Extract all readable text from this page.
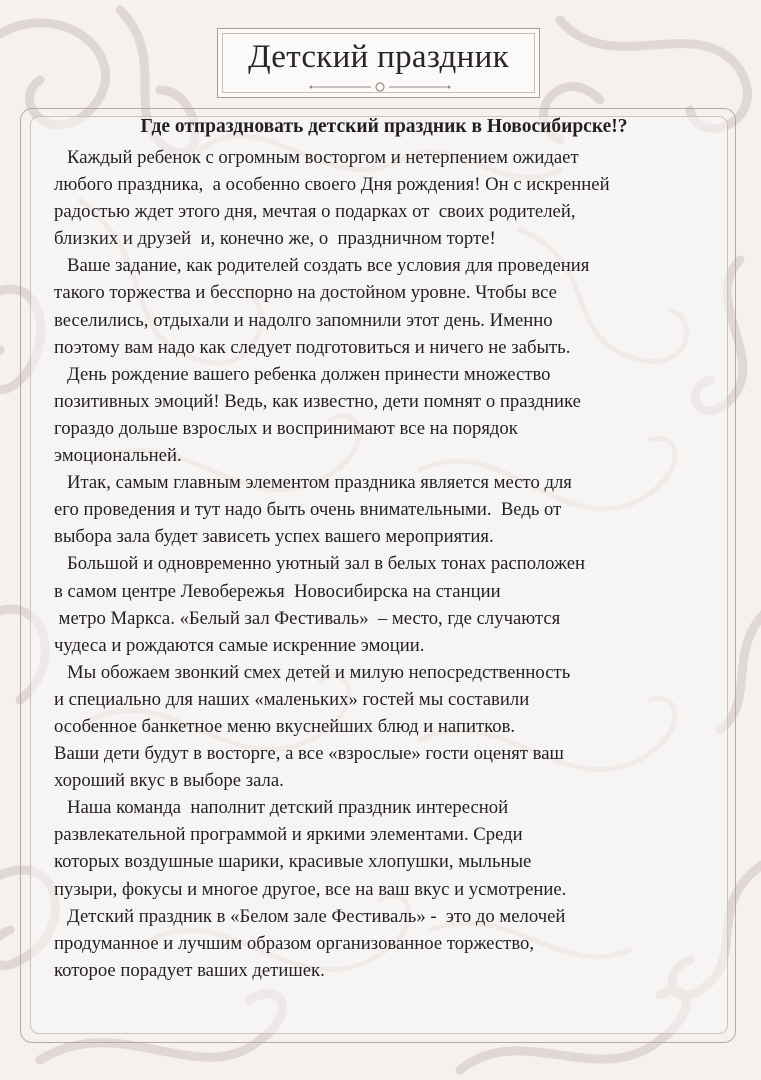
Детский праздник
Где отпраздновать детский праздник в Новосибирске!?
Каждый ребенок с огромным восторгом и нетерпением ожидает
любого праздника,  а особенно своего Дня рождения! Он с искренней
радостью ждет этого дня, мечтая о подарках от  своих родителей,
близких и друзей  и, конечно же, о  праздничном торте!
Ваше задание, как родителей создать все условия для проведения
такого торжества и бесспорно на достойном уровне. Чтобы все
веселились, отдыхали и надолго запомнили этот день. Именно
поэтому вам надо как следует подготовиться и ничего не забыть.
День рождение вашего ребенка должен принести множество
позитивных эмоций! Ведь, как известно, дети помнят о празднике
гораздо дольше взрослых и воспринимают все на порядок
эмоциональней.
Итак, самым главным элементом праздника является место для
его проведения и тут надо быть очень внимательными.  Ведь от
выбора зала будет зависеть успех вашего мероприятия.
Большой и одновременно уютный зал в белых тонах расположен
в самом центре Левобережья  Новосибирска на станции
метро Маркса. «Белый зал Фестиваль»  – место, где случаются
чудеса и рождаются самые искренние эмоции.
Мы обожаем звонкий смех детей и милую непосредственность
и специально для наших «маленьких» гостей мы составили
особенное банкетное меню вкуснейших блюд и напитков.
Ваши дети будут в восторге, а все «взрослые» гости оценят ваш
хороший вкус в выборе зала.
Наша команда  наполнит детский праздник интересной
развлекательной программой и яркими элементами. Среди
которых воздушные шарики, красивые хлопушки, мыльные
пузыри, фокусы и многое другое, все на ваш вкус и усмотрение.
Детский праздник в «Белом зале Фестиваль» -  это до мелочей
продуманное и лучшим образом организованное торжество,
которое порадует ваших детишек.
